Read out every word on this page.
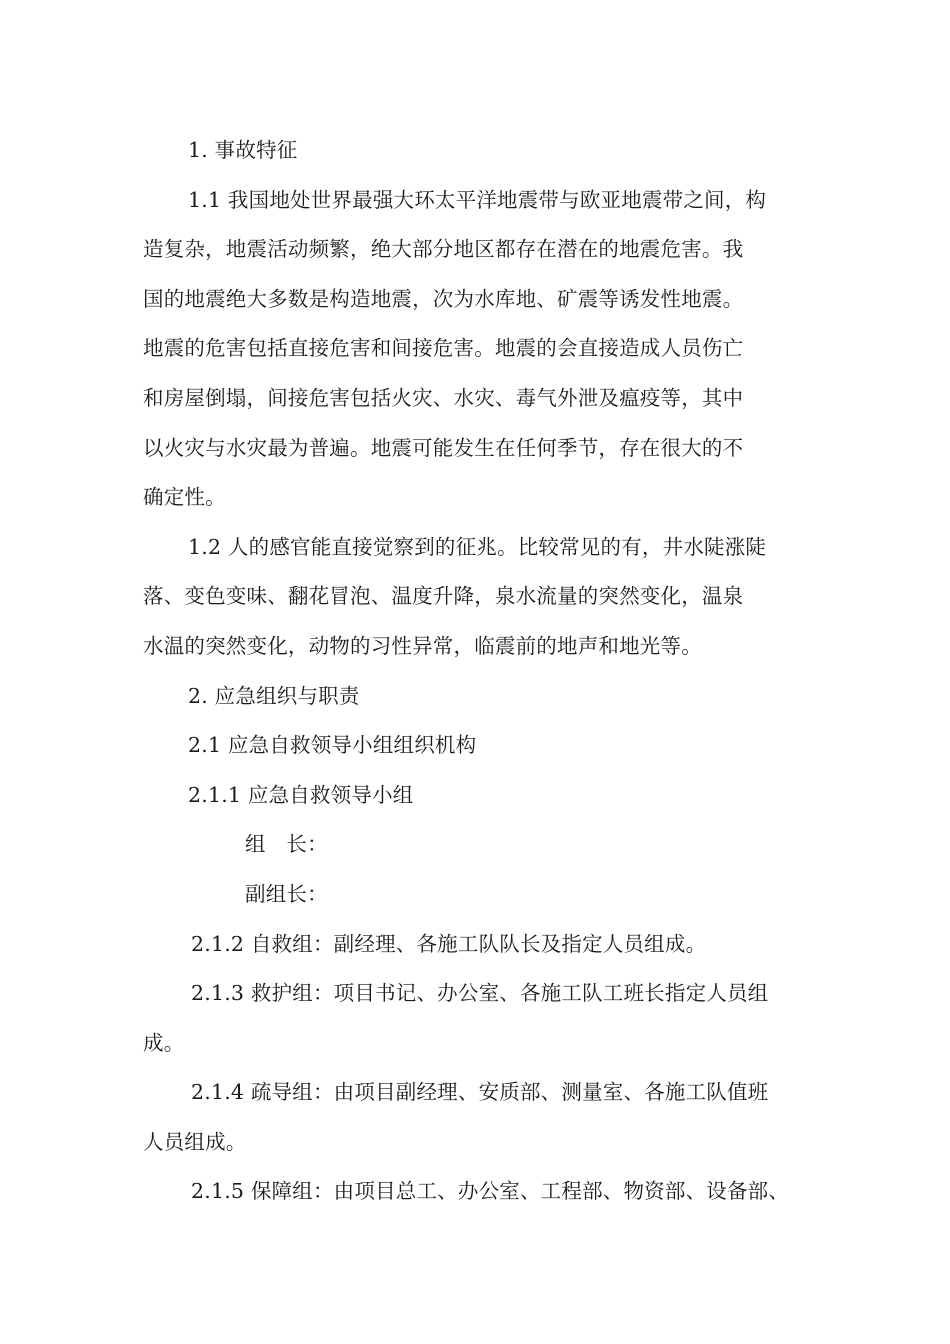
1. 事故特征
1.1 我国地处世界最强大环太平洋地震带与欧亚地震带之间，构
造复杂，地震活动频繁，绝大部分地区都存在潜在的地震危害。我
国的地震绝大多数是构造地震，次为水库地、矿震等诱发性地震。
地震的危害包括直接危害和间接危害。地震的会直接造成人员伤亡
和房屋倒塌，间接危害包括火灾、水灾、毒气外泄及瘟疫等，其中
以火灾与水灾最为普遍。地震可能发生在任何季节，存在很大的不
确定性。
1.2 人的感官能直接觉察到的征兆。比较常见的有，井水陡涨陡
落、变色变味、翻花冒泡、温度升降，泉水流量的突然变化，温泉
水温的突然变化，动物的习性异常，临震前的地声和地光等。
2. 应急组织与职责
2.1 应急自救领导小组组织机构
2.1.1 应急自救领导小组
组　长：
副组长：
2.1.2 自救组：副经理、各施工队队长及指定人员组成。
2.1.3 救护组：项目书记、办公室、各施工队工班长指定人员组
成。
2.1.4 疏导组：由项目副经理、安质部、测量室、各施工队值班
人员组成。
2.1.5 保障组：由项目总工、办公室、工程部、物资部、设备部、
